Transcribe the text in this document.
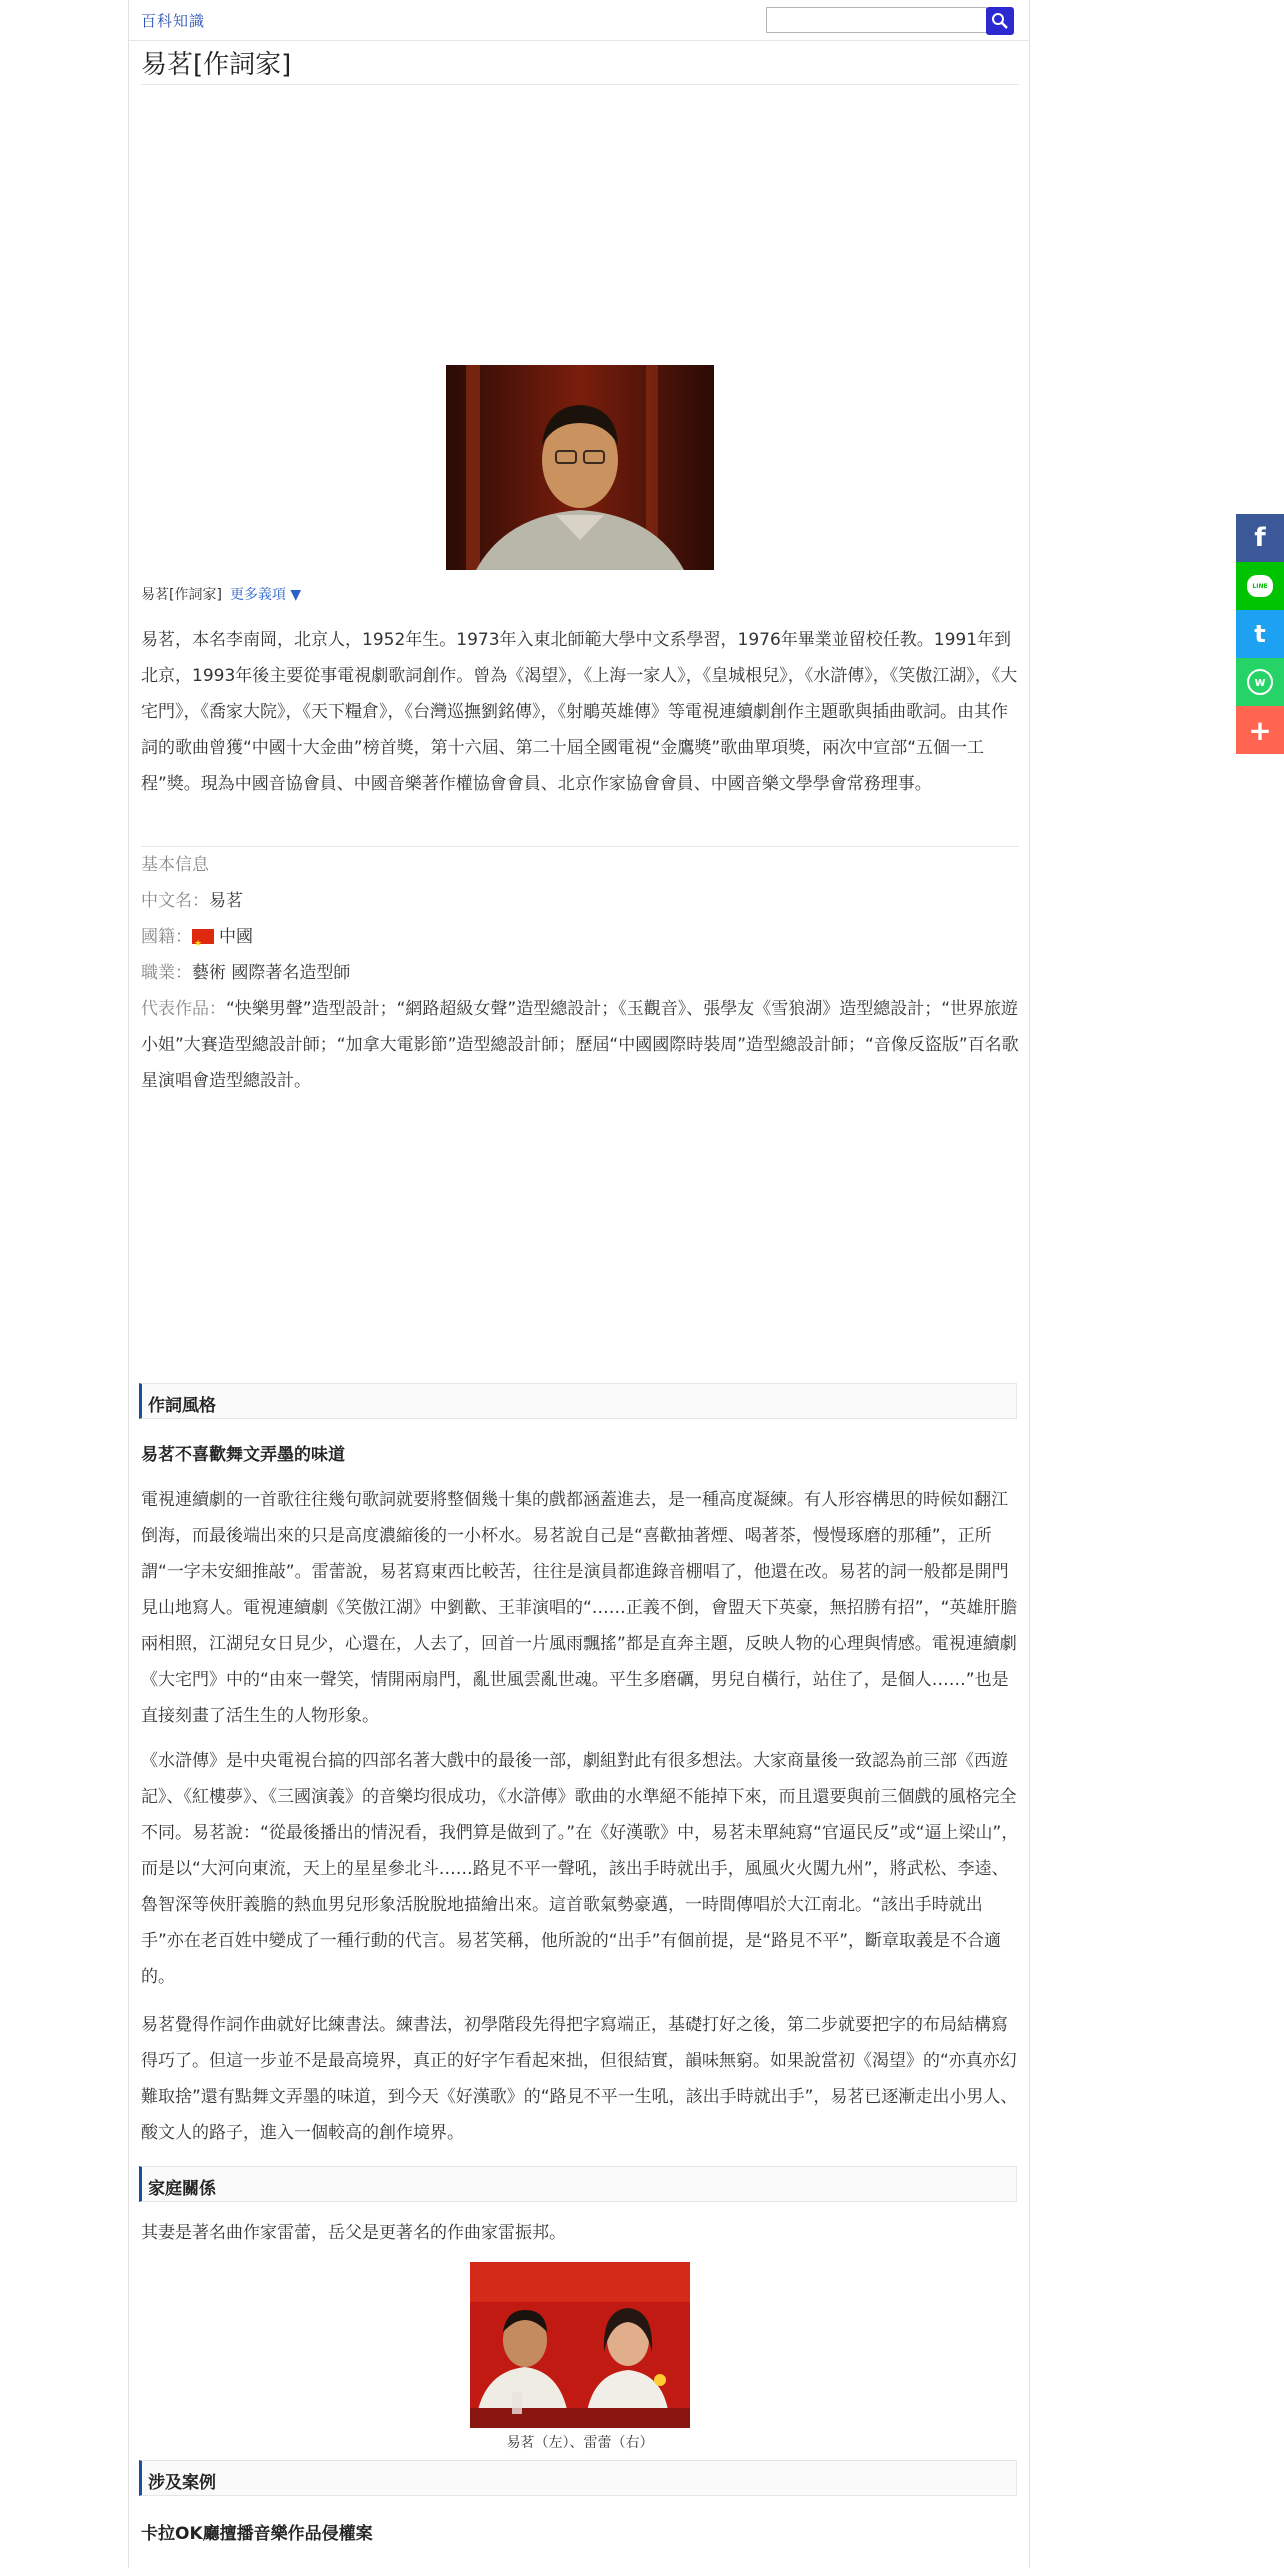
百科知識
易茗[作詞家]
易茗[作詞家] 更多義項 ▼
易茗，本名李南岡，北京人，1952年生。1973年入東北師範大學中文系學習，1976年畢業並留校任教。1991年到北京，1993年後主要從事電視劇歌詞創作。曾為《渴望》，《上海一家人》，《皇城根兒》，《水滸傳》，《笑傲江湖》，《大宅門》，《喬家大院》，《天下糧倉》，《台灣巡撫劉銘傳》，《射鵰英雄傳》等電視連續劇創作主題歌與插曲歌詞。由其作詞的歌曲曾獲“中國十大金曲”榜首獎，第十六屆、第二十屆全國電視“金鷹獎”歌曲單項獎，兩次中宣部“五個一工程”獎。現為中國音協會員、中國音樂著作權協會會員、北京作家協會會員、中國音樂文學學會常務理事。
基本信息
中文名：易茗
國籍：★ 中國
職業：藝術 國際著名造型師
代表作品：“快樂男聲”造型設計；“網路超級女聲”造型總設計；《玉觀音》、張學友《雪狼湖》造型總設計；“世界旅遊小姐”大賽造型總設計師；“加拿大電影節”造型總設計師；歷屆“中國國際時裝周”造型總設計師；“音像反盜版”百名歌星演唱會造型總設計。
作詞風格
易茗不喜歡舞文弄墨的味道
電視連續劇的一首歌往往幾句歌詞就要將整個幾十集的戲都涵蓋進去，是一種高度凝練。有人形容構思的時候如翻江倒海，而最後端出來的只是高度濃縮後的一小杯水。易茗說自己是“喜歡抽著煙、喝著茶，慢慢琢磨的那種”，正所謂“一字未安細推敲”。雷蕾說，易茗寫東西比較苦，往往是演員都進錄音棚唱了，他還在改。易茗的詞一般都是開門見山地寫人。電視連續劇《笑傲江湖》中劉歡、王菲演唱的“……正義不倒，會盟天下英豪，無招勝有招”，“英雄肝膽兩相照，江湖兒女日見少，心還在，人去了，回首一片風雨飄搖”都是直奔主題，反映人物的心理與情感。電視連續劇《大宅門》中的“由來一聲笑，情開兩扇門，亂世風雲亂世魂。平生多磨礪，男兒自橫行，站住了，是個人……”也是直接刻畫了活生生的人物形象。
《水滸傳》是中央電視台搞的四部名著大戲中的最後一部，劇組對此有很多想法。大家商量後一致認為前三部《西遊記》、《紅樓夢》、《三國演義》的音樂均很成功，《水滸傳》歌曲的水準絕不能掉下來，而且還要與前三個戲的風格完全不同。易茗說：“從最後播出的情況看，我們算是做到了。”在《好漢歌》中，易茗未單純寫“官逼民反”或“逼上梁山”，而是以“大河向東流，天上的星星參北斗……路見不平一聲吼，該出手時就出手，風風火火闖九州”，將武松、李逵、魯智深等俠肝義膽的熱血男兒形象活脫脫地描繪出來。這首歌氣勢豪邁，一時間傳唱於大江南北。“該出手時就出手”亦在老百姓中變成了一種行動的代言。易茗笑稱，他所說的“出手”有個前提，是“路見不平”，斷章取義是不合適的。
易茗覺得作詞作曲就好比練書法。練書法，初學階段先得把字寫端正，基礎打好之後，第二步就要把字的布局結構寫得巧了。但這一步並不是最高境界，真正的好字乍看起來拙，但很結實，韻味無窮。如果說當初《渴望》的“亦真亦幻難取捨”還有點舞文弄墨的味道，到今天《好漢歌》的“路見不平一生吼，該出手時就出手”，易茗已逐漸走出小男人、酸文人的路子，進入一個較高的創作境界。
家庭關係
其妻是著名曲作家雷蕾，岳父是更著名的作曲家雷振邦。
易茗（左）、雷蕾（右）
涉及案例
卡拉OK廳擅播音樂作品侵權案
f
LINE
t
w
+
